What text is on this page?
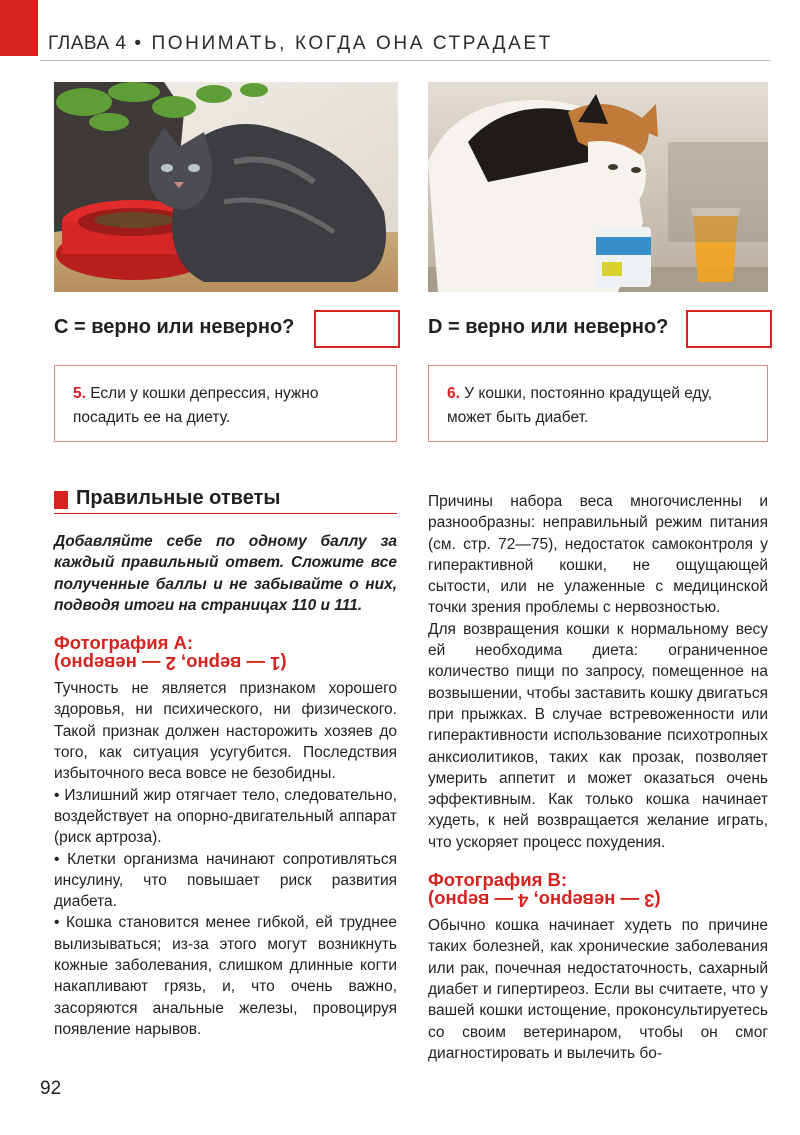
ГЛАВА 4 • ПОНИМАТЬ, КОГДА ОНА СТРАДАЕТ
C = верно или неверно?	D = верно или неверно?
5. Если у кошки депрессия, нужно посадить ее на диету.
6. У кошки, постоянно крадущей еду, может быть диабет.
Правильные ответы

Добавляйте себе по одному баллу за каждый правильный ответ. Сложите все полученные баллы и не забывайте о них, подводя итоги на страницах 110 и 111.

Фотография A:
(1 — верно, 2 — неверно)

Тучность не является признаком хорошего здоровья, ни психического, ни физического. Такой признак должен насторожить хозяев до того, как ситуация усугубится. Последствия избыточного веса вовсе не безобидны.

• Излишний жир отягчает тело, следовательно, воздействует на опорно-двигательный аппарат (риск артроза).

• Клетки организма начинают сопротивляться инсулину, что повышает риск развития диабета.

• Кошка становится менее гибкой, ей труднее вылизываться; из-за этого могут возникнуть кожные заболевания, слишком длинные когти накапливают грязь, и, что очень важно, засоряются анальные железы, провоцируя появление нарывов.

Причины набора веса многочисленны и разнообразны: неправильный режим питания (см. стр. 72—75), недостаток самоконтроля у гиперактивной кошки, не ощущающей сытости, или не улаженные с медицинской точки зрения проблемы с нервозностью.

Для возвращения кошки к нормальному весу ей необходима диета: ограниченное количество пищи по запросу, помещенное на возвышении, чтобы заставить кошку двигаться при прыжках. В случае встревоженности или гиперактивности использование психотропных анксиолитиков, таких как прозак, позволяет умерить аппетит и может оказаться очень эффективным. Как только кошка начинает худеть, к ней возвращается желание играть, что ускоряет процесс похудения.

Фотография B:
(3 — неверно, 4 — верно)

Обычно кошка начинает худеть по причине таких болезней, как хронические заболевания или рак, почечная недостаточность, сахарный диабет и гипертиреоз. Если вы считаете, что у вашей кошки истощение, проконсультируетесь со своим ветеринаром, чтобы он смог диагностировать и вылечить бо-

92
